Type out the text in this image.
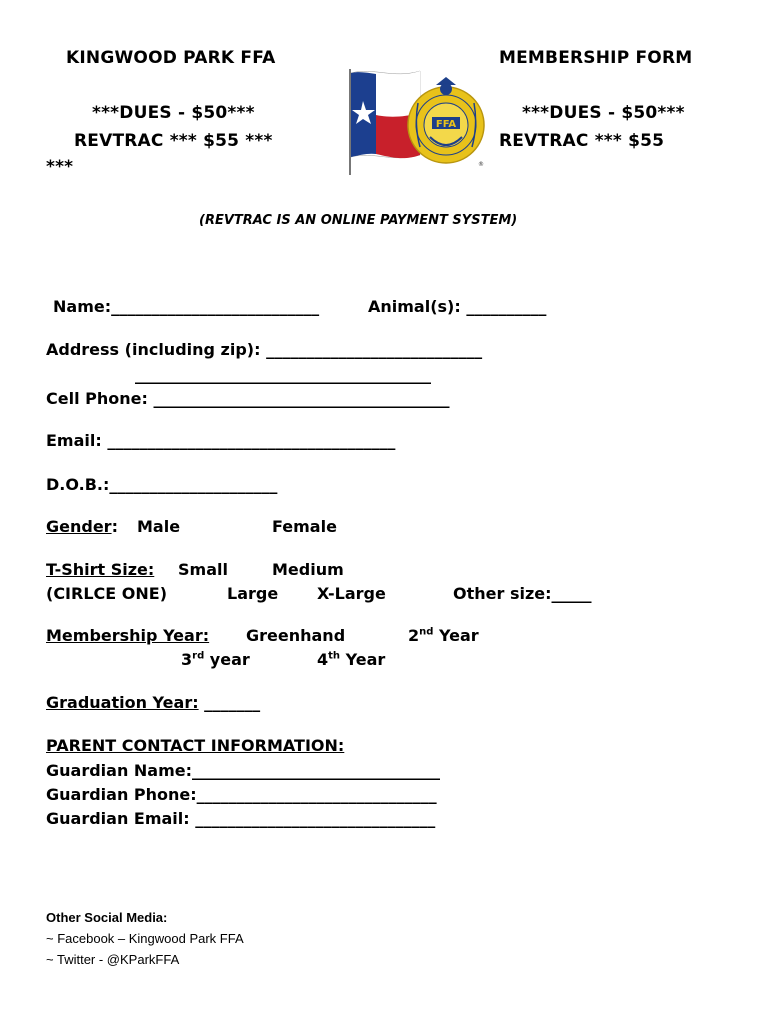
KINGWOOD PARK FFA	MEMBERSHIP FORM
***DUES - $50***
REVTRAC *** $55 ***
***
***DUES - $50***
REVTRAC *** $55

FFA
®

(REVTRAC IS AN ONLINE PAYMENT SYSTEM)
Name:__________________________	Animal(s): __________
Address (including zip): ___________________________
_____________________________________
Cell Phone: _____________________________________
Email: ____________________________________
D.O.B.:_____________________
Gender: Male	Female
T-Shirt Size: Small	Medium
(CIRLCE ONE)	Large X-Large	Other size:_____
Membership Year: Greenhand	2nd Year
3rd year	4th Year
Graduation Year: _______
PARENT CONTACT INFORMATION:
Guardian Name:_______________________________
Guardian Phone:______________________________
Guardian Email: ______________________________
Other Social Media:
~ Facebook – Kingwood Park FFA
~ Twitter - @KParkFFA
